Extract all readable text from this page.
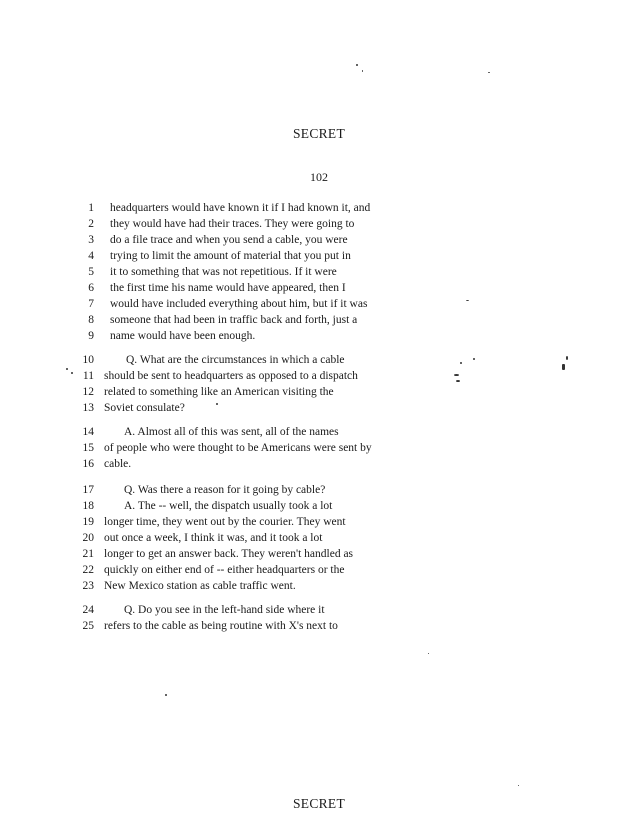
SECRET
102
1 headquarters would have known it if I had known it, and
2 they would have had their traces. They were going to
3 do a file trace and when you send a cable, you were
4 trying to limit the amount of material that you put in
5 it to something that was not repetitious. If it were
6 the first time his name would have appeared, then I
7 would have included everything about him, but if it was
8 someone that had been in traffic back and forth, just a
9 name would have been enough.
10	Q. What are the circumstances in which a cable
11 should be sent to headquarters as opposed to a dispatch
12 related to something like an American visiting the
13 Soviet consulate?
14	A. Almost all of this was sent, all of the names
15 of people who were thought to be Americans were sent by
16 cable.
17	Q. Was there a reason for it going by cable?
18	A. The -- well, the dispatch usually took a lot
19 longer time, they went out by the courier. They went
20 out once a week, I think it was, and it took a lot
21 longer to get an answer back. They weren't handled as
22 quickly on either end of -- either headquarters or the
23 New Mexico station as cable traffic went.
24	Q. Do you see in the left-hand side where it
25 refers to the cable as being routine with X's next to
SECRET
